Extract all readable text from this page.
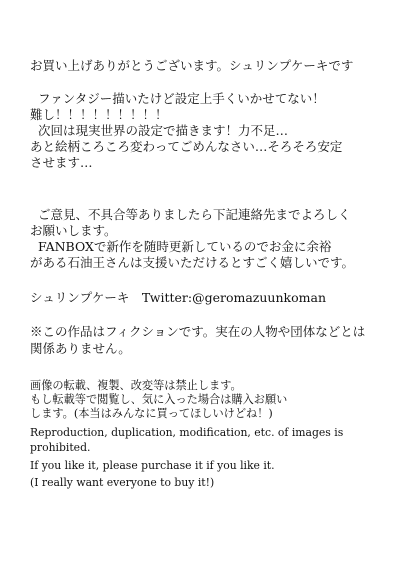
お買い上げありがとうございます。シュリンプケーキです
ファンタジー描いたけど設定上手くいかせてない！
難し！！！！！！！！！
次回は現実世界の設定で描きます！力不足…
あと絵柄ころころ変わってごめんなさい…そろそろ安定
させます…
ご意見、不具合等ありましたら下記連絡先までよろしく
お願いします。
FANBOXで新作を随時更新しているのでお金に余裕
がある石油王さんは支援いただけるとすごく嬉しいです。
シュリンプケーキ　Twitter:@geromazuunkoman
※この作品はフィクションです。実在の人物や団体などとは
関係ありません。
画像の転載、複製、改変等は禁止します。
もし転載等で閲覧し、気に入った場合は購入お願い
します。(本当はみんなに買ってほしいけどね！)
Reproduction, duplication, modification, etc. of images is
prohibited.
If you like it, please purchase it if you like it.
(I really want everyone to buy it!)
